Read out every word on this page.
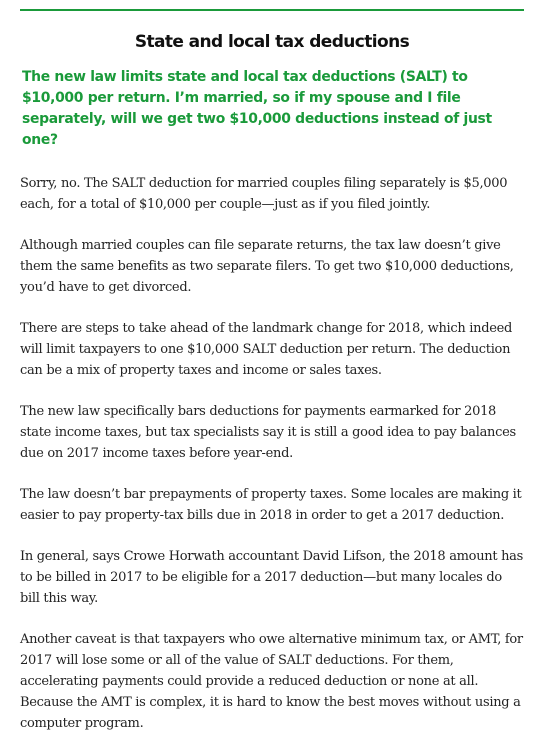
State and local tax deductions

The new law limits state and local tax deductions (SALT) to $10,000 per return. I’m married, so if my spouse and I file separately, will we get two $10,000 deductions instead of just one?

Sorry, no. The SALT deduction for married couples filing separately is $5,000 each, for a total of $10,000 per couple—just as if you filed jointly.

Although married couples can file separate returns, the tax law doesn’t give them the same benefits as two separate filers. To get two $10,000 deductions, you’d have to get divorced.

There are steps to take ahead of the landmark change for 2018, which indeed will limit taxpayers to one $10,000 SALT deduction per return. The deduction can be a mix of property taxes and income or sales taxes.

The new law specifically bars deductions for payments earmarked for 2018 state income taxes, but tax specialists say it is still a good idea to pay balances due on 2017 income taxes before year-end.

The law doesn’t bar prepayments of property taxes. Some locales are making it easier to pay property-tax bills due in 2018 in order to get a 2017 deduction.

In general, says Crowe Horwath accountant David Lifson, the 2018 amount has to be billed in 2017 to be eligible for a 2017 deduction—but many locales do bill this way.

Another caveat is that taxpayers who owe alternative minimum tax, or AMT, for 2017 will lose some or all of the value of SALT deductions. For them, accelerating payments could provide a reduced deduction or none at all. Because the AMT is complex, it is hard to know the best moves without using a computer program.
